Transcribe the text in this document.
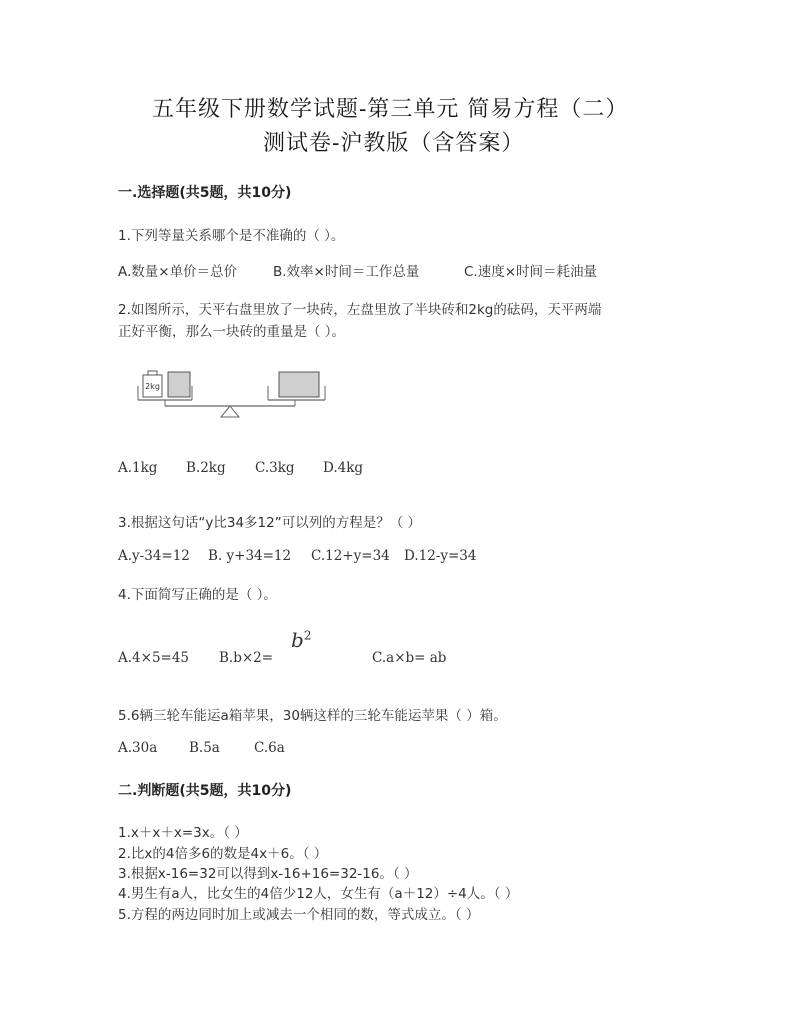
五年级下册数学试题-第三单元 简易方程（二）
测试卷-沪教版（含答案）
一.选择题(共5题，共10分)
1.下列等量关系哪个是不准确的（ ）。
A.数量×单价＝总价	B.效率×时间＝工作总量	C.速度×时间＝耗油量
2.如图所示，天平右盘里放了一块砖，左盘里放了半块砖和2kg的砝码，天平两端
正好平衡，那么一块砖的重量是（ ）。
2kg
A.1kg B.2kg C.3kg D.4kg
3.根据这句话“y比34多12”可以列的方程是？（ ）
A.y-34=12 B. y+34=12 C.12+y=34 D.12-y=34
4.下面简写正确的是（ ）。
$b^2$
A.4×5=45 B.b×2=	C.a×b= ab
5.6辆三轮车能运a箱苹果，30辆这样的三轮车能运苹果（ ）箱。
A.30a B.5a	C.6a
二.判断题(共5题，共10分)
1.x＋x＋x=3x。（ ）
2.比x的4倍多6的数是4x＋6。（ ）
3.根据x-16=32可以得到x-16+16=32-16。（ ）
4.男生有a人，比女生的4倍少12人，女生有（a＋12）÷4人。（ ）
5.方程的两边同时加上或减去一个相同的数，等式成立。（ ）
